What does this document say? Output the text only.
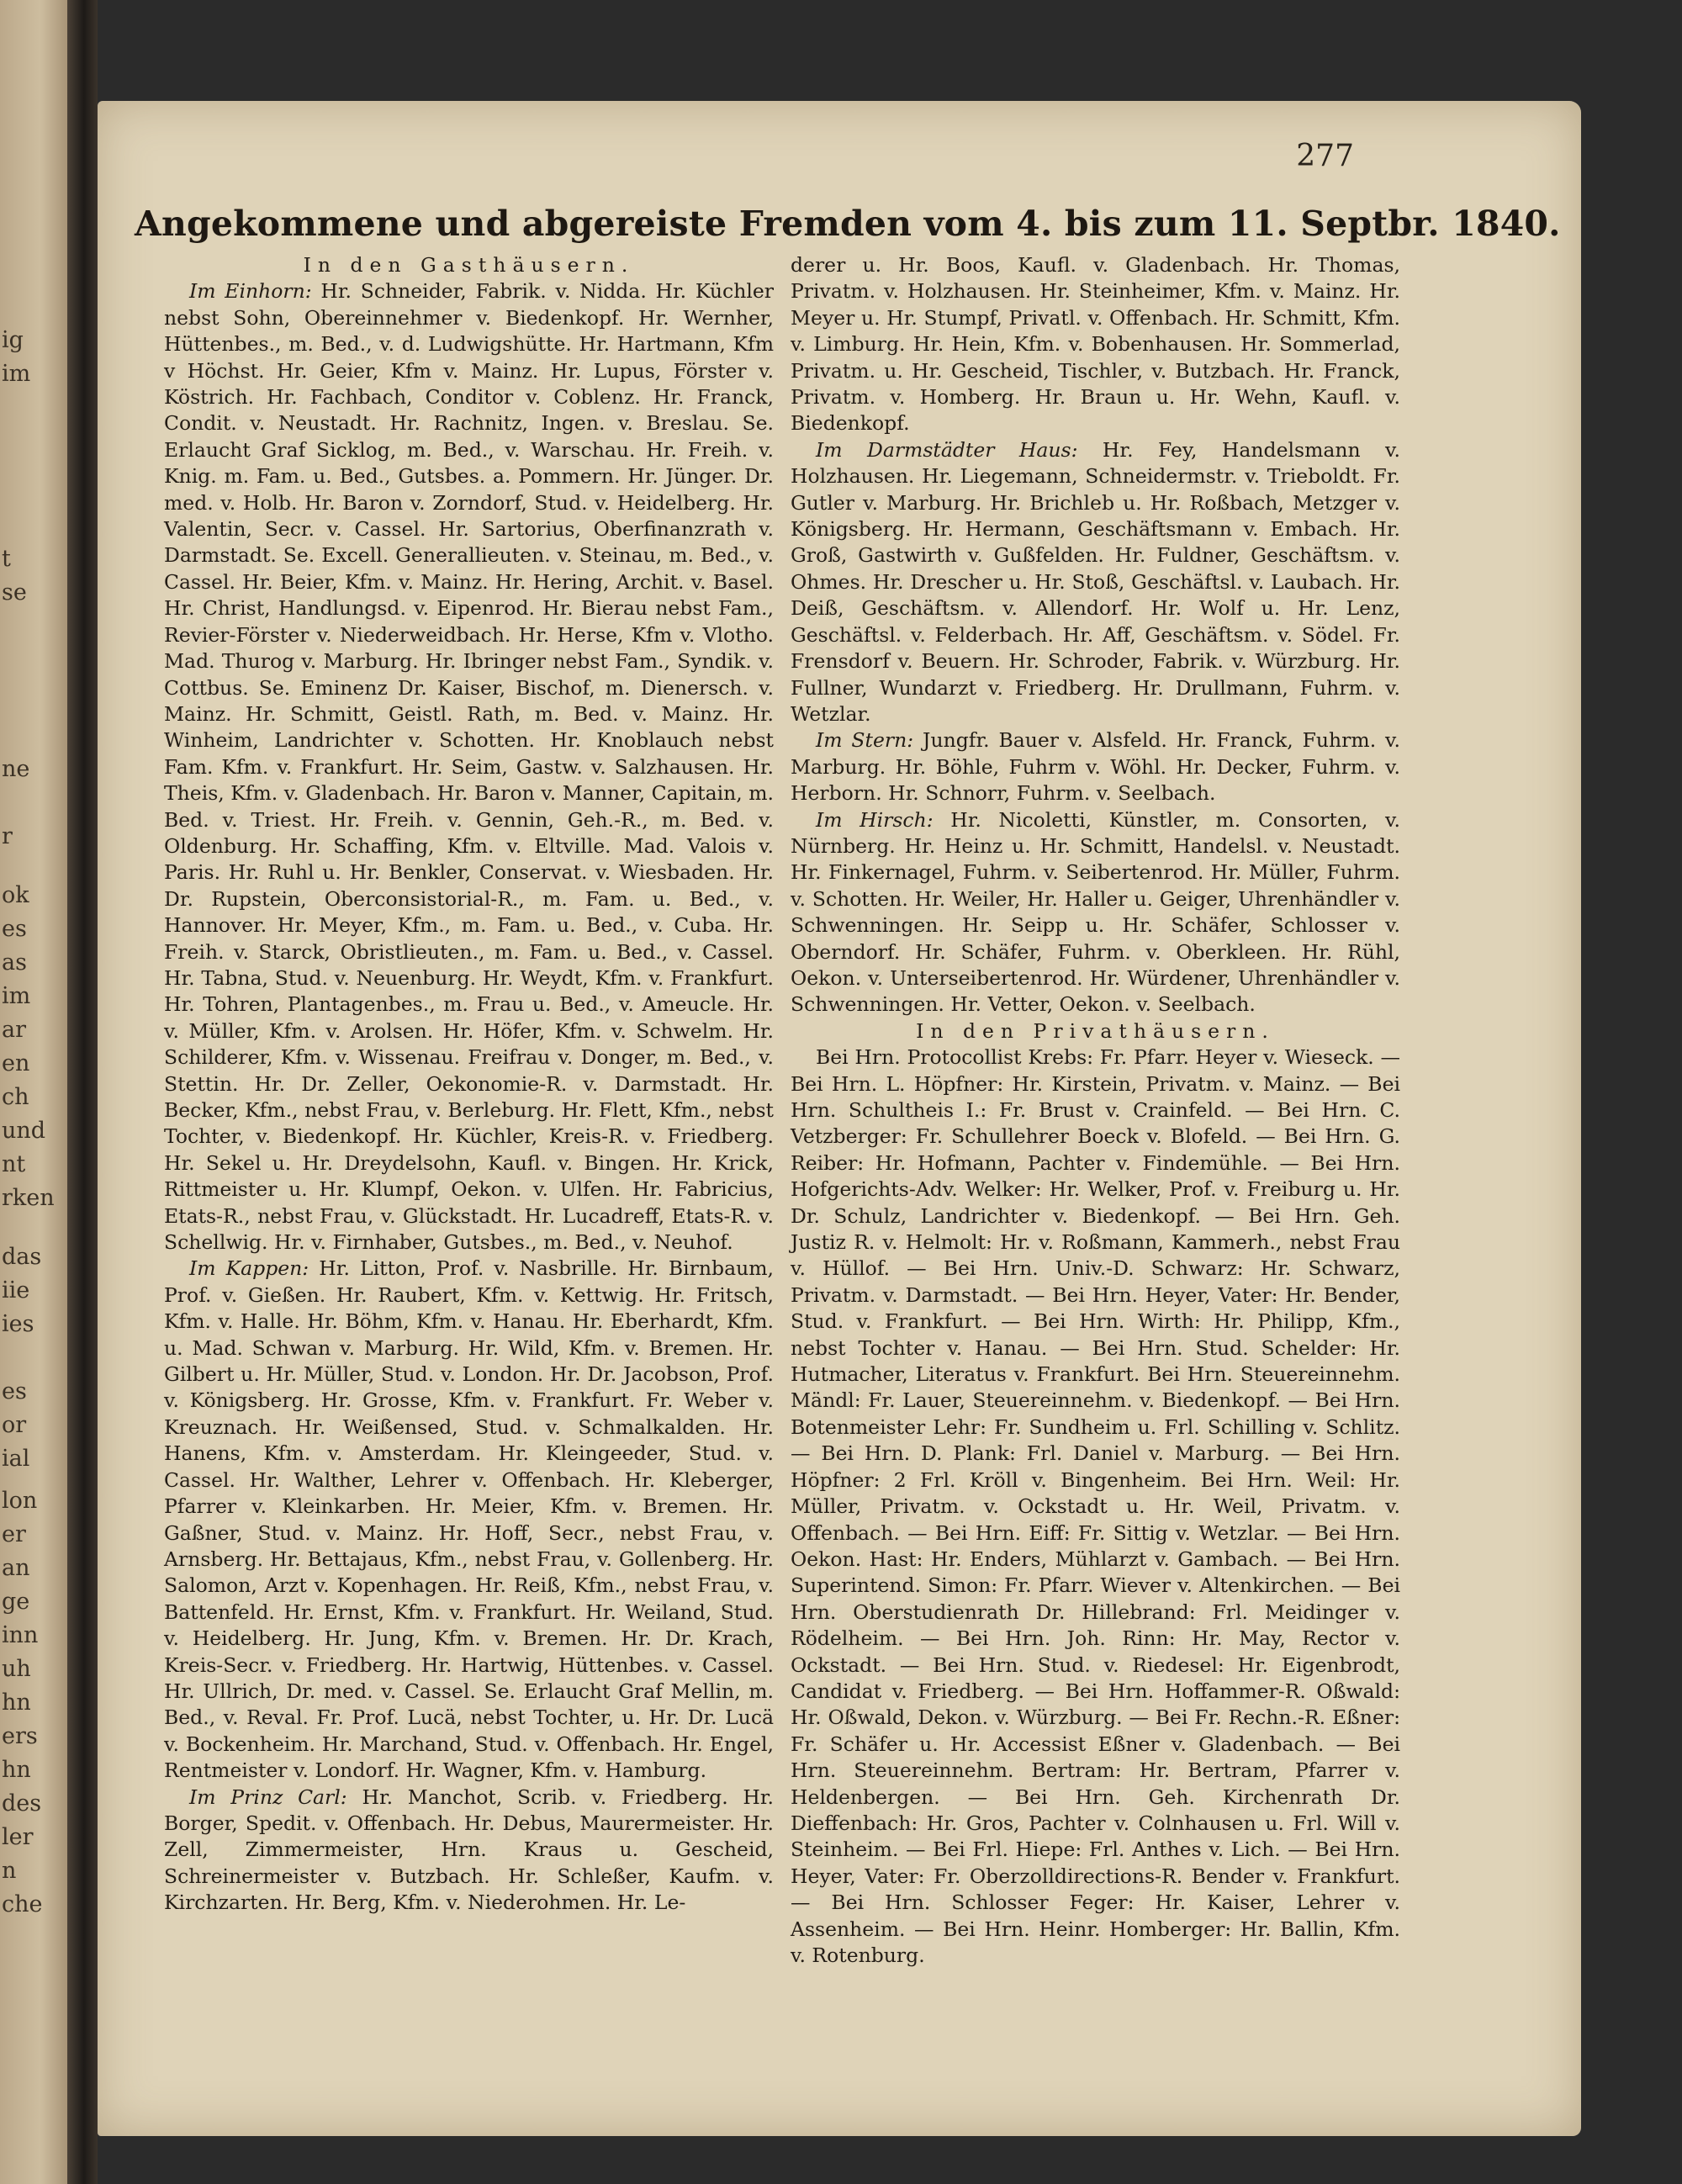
ig
im
t
se
ne
r
ok
es
as
im
ar
en
ch
und
nt
rken
das
iie
ies
es
or
ial
lon
er
an
ge
inn
uh
hn
ers
hn
des
ler
n
che
277
Angekommene und abgereiste Fremden vom 4. bis zum 11. Septbr. 1840.

In den Gasthäusern.

Im Einhorn: Hr. Schneider, Fabrik. v. Nidda. Hr. Küchler nebst Sohn, Obereinnehmer v. Biedenkopf. Hr. Wernher, Hüttenbes., m. Bed., v. d. Ludwigshütte. Hr. Hartmann, Kfm v Höchst. Hr. Geier, Kfm v. Mainz. Hr. Lupus, Förster v. Köstrich. Hr. Fachbach, Conditor v. Coblenz. Hr. Franck, Condit. v. Neustadt. Hr. Rachnitz, Ingen. v. Breslau. Se. Erlaucht Graf Sicklog, m. Bed., v. Warschau. Hr. Freih. v. Knig. m. Fam. u. Bed., Gutsbes. a. Pommern. Hr. Jünger. Dr. med. v. Holb. Hr. Baron v. Zorndorf, Stud. v. Heidelberg. Hr. Valentin, Secr. v. Cassel. Hr. Sartorius, Oberfinanzrath v. Darmstadt. Se. Excell. Generallieuten. v. Steinau, m. Bed., v. Cassel. Hr. Beier, Kfm. v. Mainz. Hr. Hering, Archit. v. Basel. Hr. Christ, Handlungsd. v. Eipenrod. Hr. Bierau nebst Fam., Revier-Förster v. Niederweidbach. Hr. Herse, Kfm v. Vlotho. Mad. Thurog v. Marburg. Hr. Ibringer nebst Fam., Syndik. v. Cottbus. Se. Eminenz Dr. Kaiser, Bischof, m. Dienersch. v. Mainz. Hr. Schmitt, Geistl. Rath, m. Bed. v. Mainz. Hr. Winheim, Landrichter v. Schotten. Hr. Knoblauch nebst Fam. Kfm. v. Frankfurt. Hr. Seim, Gastw. v. Salzhausen. Hr. Theis, Kfm. v. Gladenbach. Hr. Baron v. Manner, Capitain, m. Bed. v. Triest. Hr. Freih. v. Gennin, Geh.-R., m. Bed. v. Oldenburg. Hr. Schaffing, Kfm. v. Eltville. Mad. Valois v. Paris. Hr. Ruhl u. Hr. Benkler, Conservat. v. Wiesbaden. Hr. Dr. Rupstein, Oberconsistorial-R., m. Fam. u. Bed., v. Hannover. Hr. Meyer, Kfm., m. Fam. u. Bed., v. Cuba. Hr. Freih. v. Starck, Obristlieuten., m. Fam. u. Bed., v. Cassel. Hr. Tabna, Stud. v. Neuenburg. Hr. Weydt, Kfm. v. Frankfurt. Hr. Tohren, Plantagenbes., m. Frau u. Bed., v. Ameucle. Hr. v. Müller, Kfm. v. Arolsen. Hr. Höfer, Kfm. v. Schwelm. Hr. Schilderer, Kfm. v. Wissenau. Freifrau v. Donger, m. Bed., v. Stettin. Hr. Dr. Zeller, Oekonomie-R. v. Darmstadt. Hr. Becker, Kfm., nebst Frau, v. Berleburg. Hr. Flett, Kfm., nebst Tochter, v. Biedenkopf. Hr. Küchler, Kreis-R. v. Friedberg. Hr. Sekel u. Hr. Dreydelsohn, Kaufl. v. Bingen. Hr. Krick, Rittmeister u. Hr. Klumpf, Oekon. v. Ulfen. Hr. Fabricius, Etats-R., nebst Frau, v. Glückstadt. Hr. Lucadreff, Etats-R. v. Schellwig. Hr. v. Firnhaber, Gutsbes., m. Bed., v. Neuhof.

Im Kappen: Hr. Litton, Prof. v. Nasbrille. Hr. Birnbaum, Prof. v. Gießen. Hr. Raubert, Kfm. v. Kettwig. Hr. Fritsch, Kfm. v. Halle. Hr. Böhm, Kfm. v. Hanau. Hr. Eberhardt, Kfm. u. Mad. Schwan v. Marburg. Hr. Wild, Kfm. v. Bremen. Hr. Gilbert u. Hr. Müller, Stud. v. London. Hr. Dr. Jacobson, Prof. v. Königsberg. Hr. Grosse, Kfm. v. Frankfurt. Fr. Weber v. Kreuznach. Hr. Weißensed, Stud. v. Schmalkalden. Hr. Hanens, Kfm. v. Amsterdam. Hr. Kleingeeder, Stud. v. Cassel. Hr. Walther, Lehrer v. Offenbach. Hr. Kleberger, Pfarrer v. Kleinkarben. Hr. Meier, Kfm. v. Bremen. Hr. Gaßner, Stud. v. Mainz. Hr. Hoff, Secr., nebst Frau, v. Arnsberg. Hr. Bettajaus, Kfm., nebst Frau, v. Gollenberg. Hr. Salomon, Arzt v. Kopenhagen. Hr. Reiß, Kfm., nebst Frau, v. Battenfeld. Hr. Ernst, Kfm. v. Frankfurt. Hr. Weiland, Stud. v. Heidelberg. Hr. Jung, Kfm. v. Bremen. Hr. Dr. Krach, Kreis-Secr. v. Friedberg. Hr. Hartwig, Hüttenbes. v. Cassel. Hr. Ullrich, Dr. med. v. Cassel. Se. Erlaucht Graf Mellin, m. Bed., v. Reval. Fr. Prof. Lucä, nebst Tochter, u. Hr. Dr. Lucä v. Bockenheim. Hr. Marchand, Stud. v. Offenbach. Hr. Engel, Rentmeister v. Londorf. Hr. Wagner, Kfm. v. Hamburg.

Im Prinz Carl: Hr. Manchot, Scrib. v. Friedberg. Hr. Borger, Spedit. v. Offenbach. Hr. Debus, Maurermeister. Hr. Zell, Zimmermeister, Hrn. Kraus u. Gescheid, Schreinermeister v. Butzbach. Hr. Schleßer, Kaufm. v. Kirchzarten. Hr. Berg, Kfm. v. Niederohmen. Hr. Le-

derer u. Hr. Boos, Kaufl. v. Gladenbach. Hr. Thomas, Privatm. v. Holzhausen. Hr. Steinheimer, Kfm. v. Mainz. Hr. Meyer u. Hr. Stumpf, Privatl. v. Offenbach. Hr. Schmitt, Kfm. v. Limburg. Hr. Hein, Kfm. v. Bobenhausen. Hr. Sommerlad, Privatm. u. Hr. Gescheid, Tischler, v. Butzbach. Hr. Franck, Privatm. v. Homberg. Hr. Braun u. Hr. Wehn, Kaufl. v. Biedenkopf.

Im Darmstädter Haus: Hr. Fey, Handelsmann v. Holzhausen. Hr. Liegemann, Schneidermstr. v. Trieboldt. Fr. Gutler v. Marburg. Hr. Brichleb u. Hr. Roßbach, Metzger v. Königsberg. Hr. Hermann, Geschäftsmann v. Embach. Hr. Groß, Gastwirth v. Gußfelden. Hr. Fuldner, Geschäftsm. v. Ohmes. Hr. Drescher u. Hr. Stoß, Geschäftsl. v. Laubach. Hr. Deiß, Geschäftsm. v. Allendorf. Hr. Wolf u. Hr. Lenz, Geschäftsl. v. Felderbach. Hr. Aff, Geschäftsm. v. Södel. Fr. Frensdorf v. Beuern. Hr. Schroder, Fabrik. v. Würzburg. Hr. Fullner, Wundarzt v. Friedberg. Hr. Drullmann, Fuhrm. v. Wetzlar.

Im Stern: Jungfr. Bauer v. Alsfeld. Hr. Franck, Fuhrm. v. Marburg. Hr. Böhle, Fuhrm v. Wöhl. Hr. Decker, Fuhrm. v. Herborn. Hr. Schnorr, Fuhrm. v. Seelbach.

Im Hirsch: Hr. Nicoletti, Künstler, m. Consorten, v. Nürnberg. Hr. Heinz u. Hr. Schmitt, Handelsl. v. Neustadt. Hr. Finkernagel, Fuhrm. v. Seibertenrod. Hr. Müller, Fuhrm. v. Schotten. Hr. Weiler, Hr. Haller u. Geiger, Uhrenhändler v. Schwenningen. Hr. Seipp u. Hr. Schäfer, Schlosser v. Oberndorf. Hr. Schäfer, Fuhrm. v. Oberkleen. Hr. Rühl, Oekon. v. Unterseibertenrod. Hr. Würdener, Uhrenhändler v. Schwenningen. Hr. Vetter, Oekon. v. Seelbach.

In den Privathäusern.

Bei Hrn. Protocollist Krebs: Fr. Pfarr. Heyer v. Wieseck. — Bei Hrn. L. Höpfner: Hr. Kirstein, Privatm. v. Mainz. — Bei Hrn. Schultheis I.: Fr. Brust v. Crainfeld. — Bei Hrn. C. Vetzberger: Fr. Schullehrer Boeck v. Blofeld. — Bei Hrn. G. Reiber: Hr. Hofmann, Pachter v. Findemühle. — Bei Hrn. Hofgerichts-Adv. Welker: Hr. Welker, Prof. v. Freiburg u. Hr. Dr. Schulz, Landrichter v. Biedenkopf. — Bei Hrn. Geh. Justiz R. v. Helmolt: Hr. v. Roßmann, Kammerh., nebst Frau v. Hüllof. — Bei Hrn. Univ.-D. Schwarz: Hr. Schwarz, Privatm. v. Darmstadt. — Bei Hrn. Heyer, Vater: Hr. Bender, Stud. v. Frankfurt. — Bei Hrn. Wirth: Hr. Philipp, Kfm., nebst Tochter v. Hanau. — Bei Hrn. Stud. Schelder: Hr. Hutmacher, Literatus v. Frankfurt. Bei Hrn. Steuereinnehm. Mändl: Fr. Lauer, Steuereinnehm. v. Biedenkopf. — Bei Hrn. Botenmeister Lehr: Fr. Sundheim u. Frl. Schilling v. Schlitz. — Bei Hrn. D. Plank: Frl. Daniel v. Marburg. — Bei Hrn. Höpfner: 2 Frl. Kröll v. Bingenheim. Bei Hrn. Weil: Hr. Müller, Privatm. v. Ockstadt u. Hr. Weil, Privatm. v. Offenbach. — Bei Hrn. Eiff: Fr. Sittig v. Wetzlar. — Bei Hrn. Oekon. Hast: Hr. Enders, Mühlarzt v. Gambach. — Bei Hrn. Superintend. Simon: Fr. Pfarr. Wiever v. Altenkirchen. — Bei Hrn. Oberstudienrath Dr. Hillebrand: Frl. Meidinger v. Rödelheim. — Bei Hrn. Joh. Rinn: Hr. May, Rector v. Ockstadt. — Bei Hrn. Stud. v. Riedesel: Hr. Eigenbrodt, Candidat v. Friedberg. — Bei Hrn. Hoffammer-R. Oßwald: Hr. Oßwald, Dekon. v. Würzburg. — Bei Fr. Rechn.-R. Eßner: Fr. Schäfer u. Hr. Accessist Eßner v. Gladenbach. — Bei Hrn. Steuereinnehm. Bertram: Hr. Bertram, Pfarrer v. Heldenbergen. — Bei Hrn. Geh. Kirchenrath Dr. Dieffenbach: Hr. Gros, Pachter v. Colnhausen u. Frl. Will v. Steinheim. — Bei Frl. Hiepe: Frl. Anthes v. Lich. — Bei Hrn. Heyer, Vater: Fr. Oberzolldirections-R. Bender v. Frankfurt. — Bei Hrn. Schlosser Feger: Hr. Kaiser, Lehrer v. Assenheim. — Bei Hrn. Heinr. Homberger: Hr. Ballin, Kfm. v. Rotenburg.
